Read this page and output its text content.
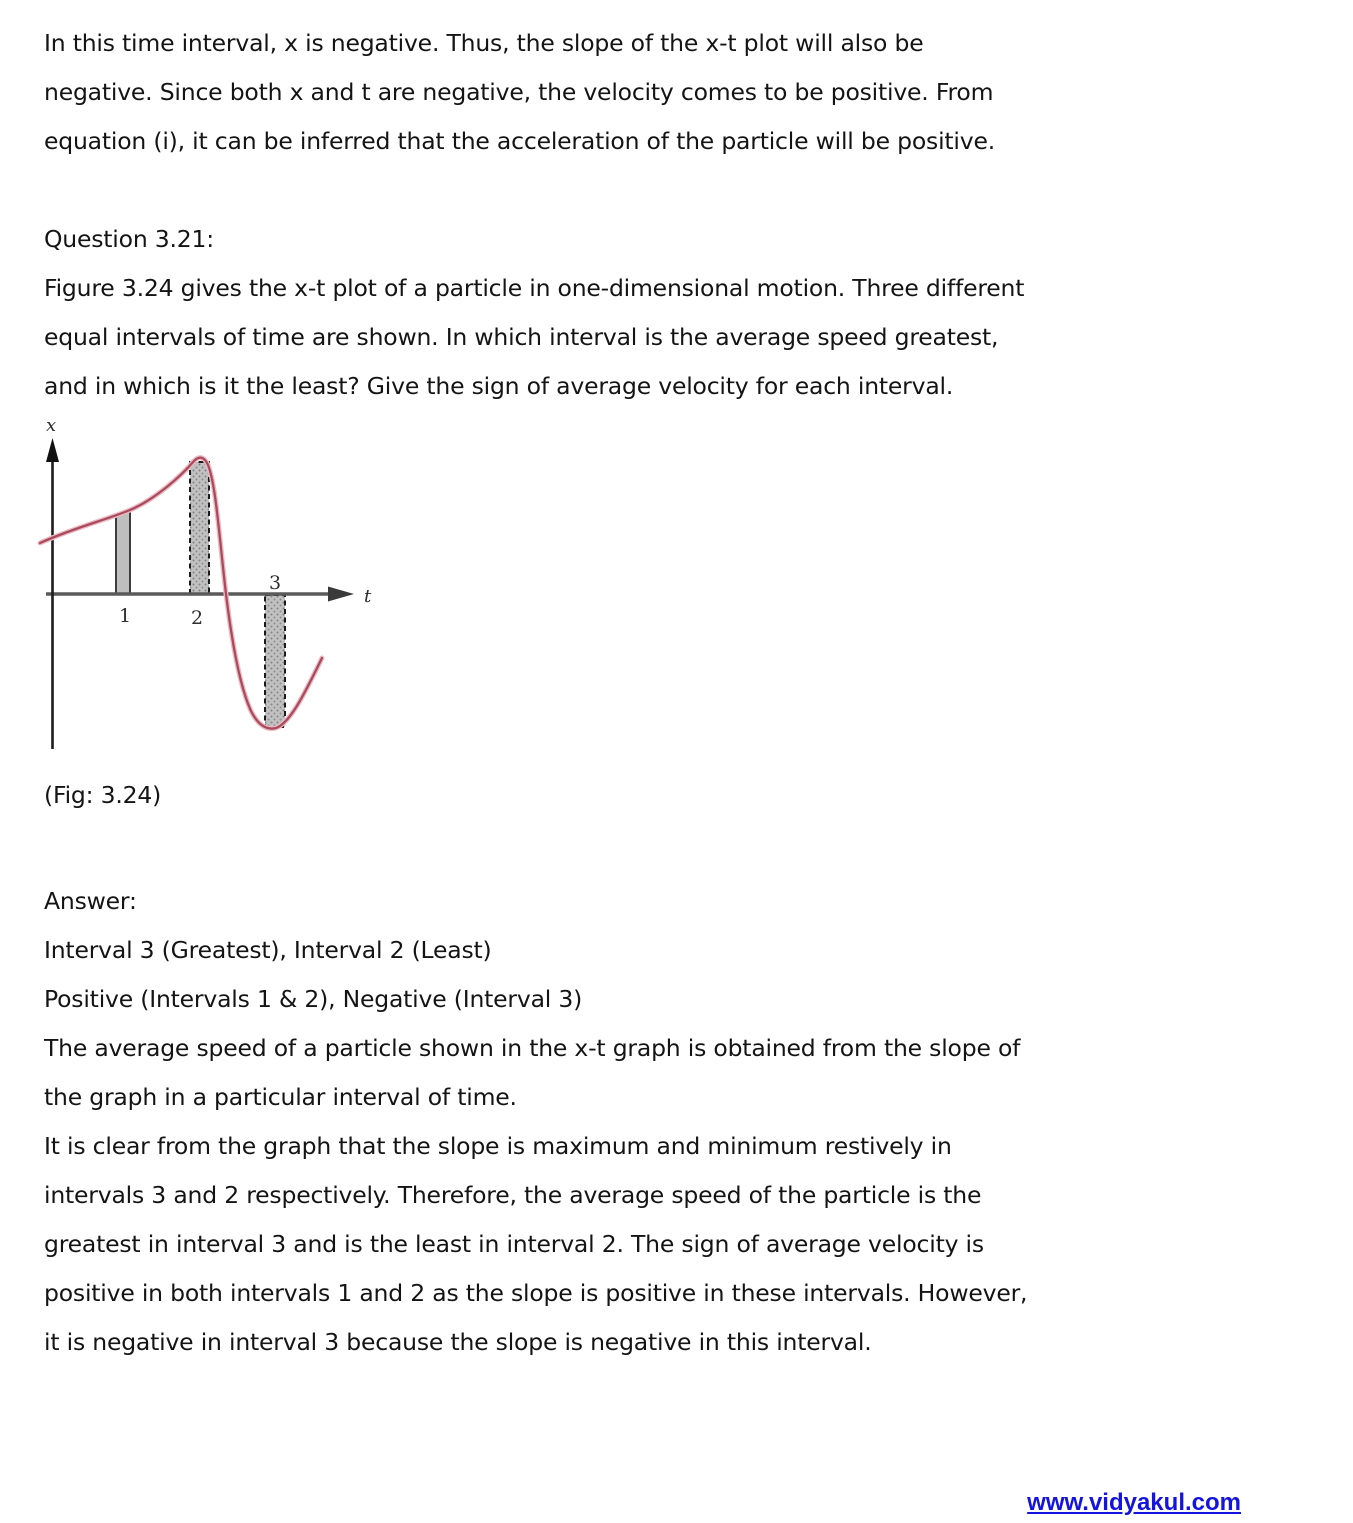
In this time interval, x is negative. Thus, the slope of the x-t plot will also be
negative. Since both x and t are negative, the velocity comes to be positive. From
equation (i), it can be inferred that the acceleration of the particle will be positive.
Question 3.21:
Figure 3.24 gives the x-t plot of a particle in one-dimensional motion. Three different
equal intervals of time are shown. In which interval is the average speed greatest,
and in which is it the least? Give the sign of average velocity for each interval.
x
t
1	2
3
(Fig: 3.24)
Answer:
Interval 3 (Greatest), Interval 2 (Least)
Positive (Intervals 1 & 2), Negative (Interval 3)
The average speed of a particle shown in the x-t graph is obtained from the slope of
the graph in a particular interval of time.
It is clear from the graph that the slope is maximum and minimum restively in
intervals 3 and 2 respectively. Therefore, the average speed of the particle is the
greatest in interval 3 and is the least in interval 2. The sign of average velocity is
positive in both intervals 1 and 2 as the slope is positive in these intervals. However,
it is negative in interval 3 because the slope is negative in this interval.
www.vidyakul.com
